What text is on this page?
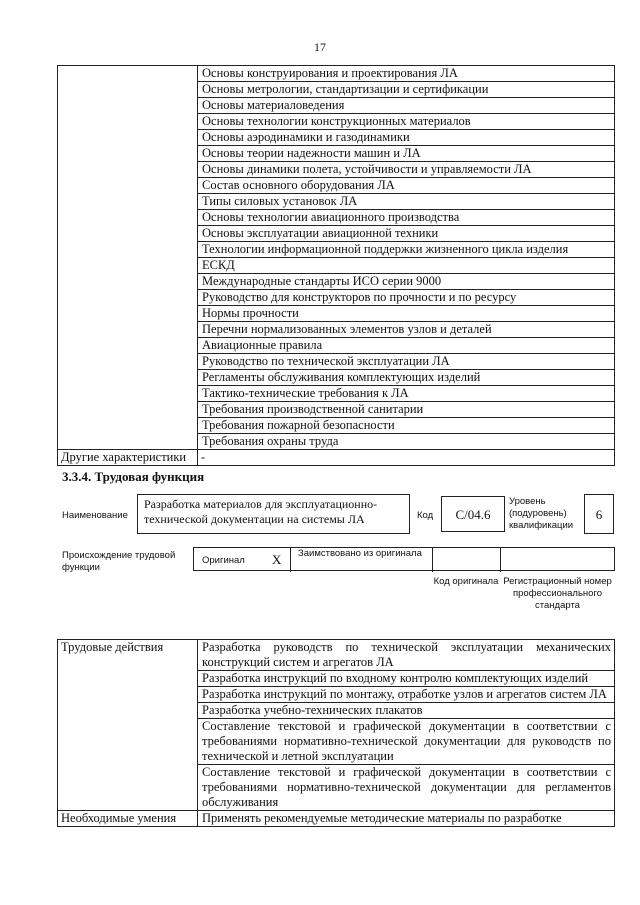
17
	Основы конструирования и проектирования ЛА
	Основы метрологии, стандартизации и сертификации
	Основы материаловедения
	Основы технологии конструкционных материалов
	Основы аэродинамики и газодинамики
	Основы теории надежности машин и ЛА
	Основы динамики полета, устойчивости и управляемости ЛА
	Состав основного оборудования ЛА
	Типы силовых установок ЛА
	Основы технологии авиационного производства
	Основы эксплуатации авиационной техники
	Технологии информационной поддержки жизненного цикла изделия
	ЕСКД
	Международные стандарты ИСО серии 9000
	Руководство для конструкторов по прочности и по ресурсу
	Нормы прочности
	Перечни нормализованных элементов узлов и деталей
	Авиационные правила
	Руководство по технической эксплуатации ЛА
	Регламенты обслуживания комплектующих изделий
	Тактико-технические требования к ЛА
	Требования производственной санитарии
	Требования пожарной безопасности
	Требования охраны труда
Другие характеристики	-
3.3.4. Трудовая функция
Наименование
Разработка материалов для эксплуатационно-технической документации на системы ЛА	Код	C/04.6
Уровень (подуровень) квалификации
6
Происхождение трудовой функции
Оригинал X Заимствовано из оригинала
Код оригинала Регистрационный номер профессионального стандарта
Трудовые действия	Разработка руководств по технической эксплуатации механических конструкций систем и агрегатов ЛА
	Разработка инструкций по входному контролю комплектующих изделий
	Разработка инструкций по монтажу, отработке узлов и агрегатов систем ЛА
	Разработка учебно-технических плакатов
	Составление текстовой и графической документации в соответствии с требованиями нормативно-технической документации для руководств по технической и летной эксплуатации
	Составление текстовой и графической документации в соответствии с требованиями нормативно-технической документации для регламентов обслуживания
Необходимые умения	Применять рекомендуемые методические материалы по разработке
